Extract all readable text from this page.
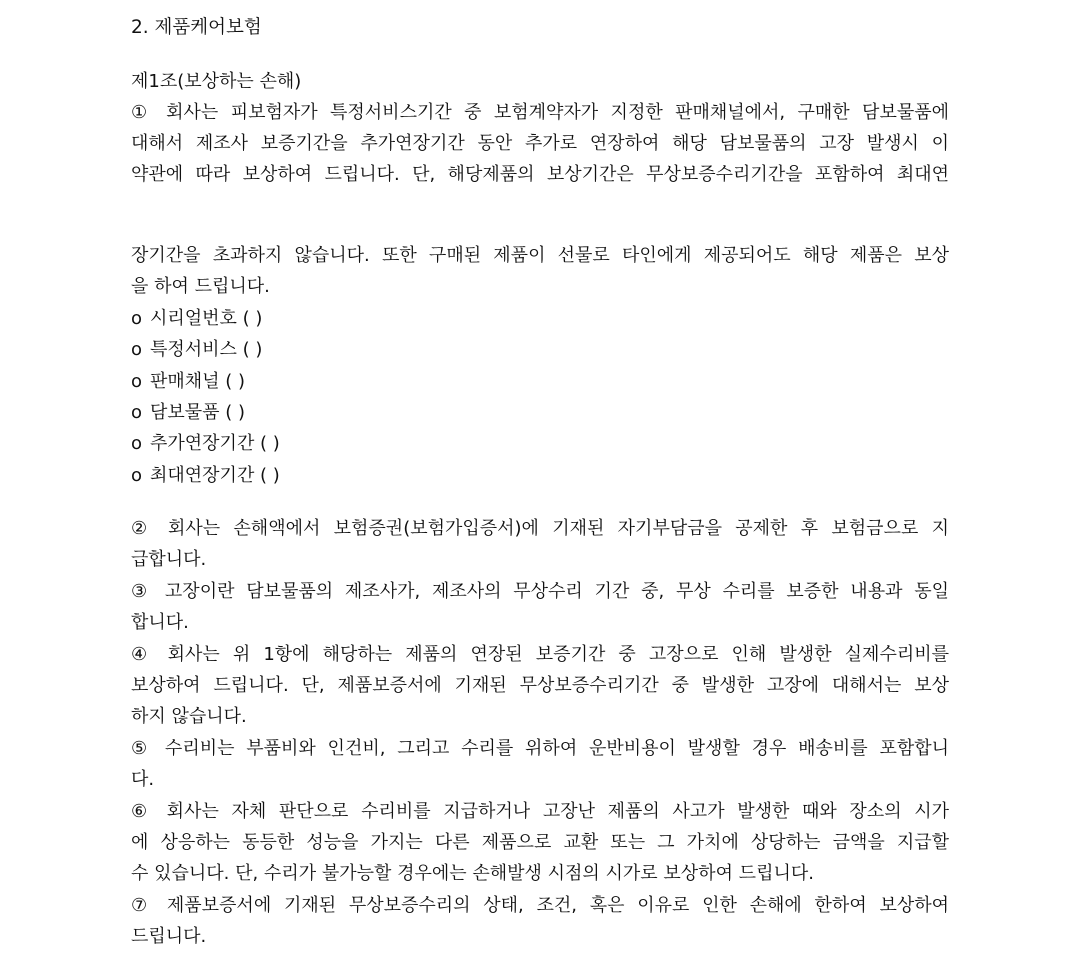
2. 제품케어보험
제1조(보상하는 손해)
① 회사는 피보험자가 특정서비스기간 중 보험계약자가 지정한 판매채널에서, 구매한 담보물품에
대해서 제조사 보증기간을 추가연장기간 동안 추가로 연장하여 해당 담보물품의 고장 발생시 이
약관에 따라 보상하여 드립니다. 단, 해당제품의 보상기간은 무상보증수리기간을 포함하여 최대연
장기간을 초과하지 않습니다. 또한 구매된 제품이 선물로 타인에게 제공되어도 해당 제품은 보상
을 하여 드립니다.
o 시리얼번호 ( )
o 특정서비스 ( )
o 판매채널 ( )
o 담보물품 ( )
o 추가연장기간 ( )
o 최대연장기간 ( )
② 회사는 손해액에서 보험증권(보험가입증서)에 기재된 자기부담금을 공제한 후 보험금으로 지
급합니다.
③ 고장이란 담보물품의 제조사가, 제조사의 무상수리 기간 중, 무상 수리를 보증한 내용과 동일
합니다.
④ 회사는 위 1항에 해당하는 제품의 연장된 보증기간 중 고장으로 인해 발생한 실제수리비를
보상하여 드립니다. 단, 제품보증서에 기재된 무상보증수리기간 중 발생한 고장에 대해서는 보상
하지 않습니다.
⑤ 수리비는 부품비와 인건비, 그리고 수리를 위하여 운반비용이 발생할 경우 배송비를 포함합니
다.
⑥ 회사는 자체 판단으로 수리비를 지급하거나 고장난 제품의 사고가 발생한 때와 장소의 시가
에 상응하는 동등한 성능을 가지는 다른 제품으로 교환 또는 그 가치에 상당하는 금액을 지급할
수 있습니다. 단, 수리가 불가능할 경우에는 손해발생 시점의 시가로 보상하여 드립니다.
⑦ 제품보증서에 기재된 무상보증수리의 상태, 조건, 혹은 이유로 인한 손해에 한하여 보상하여
드립니다.
